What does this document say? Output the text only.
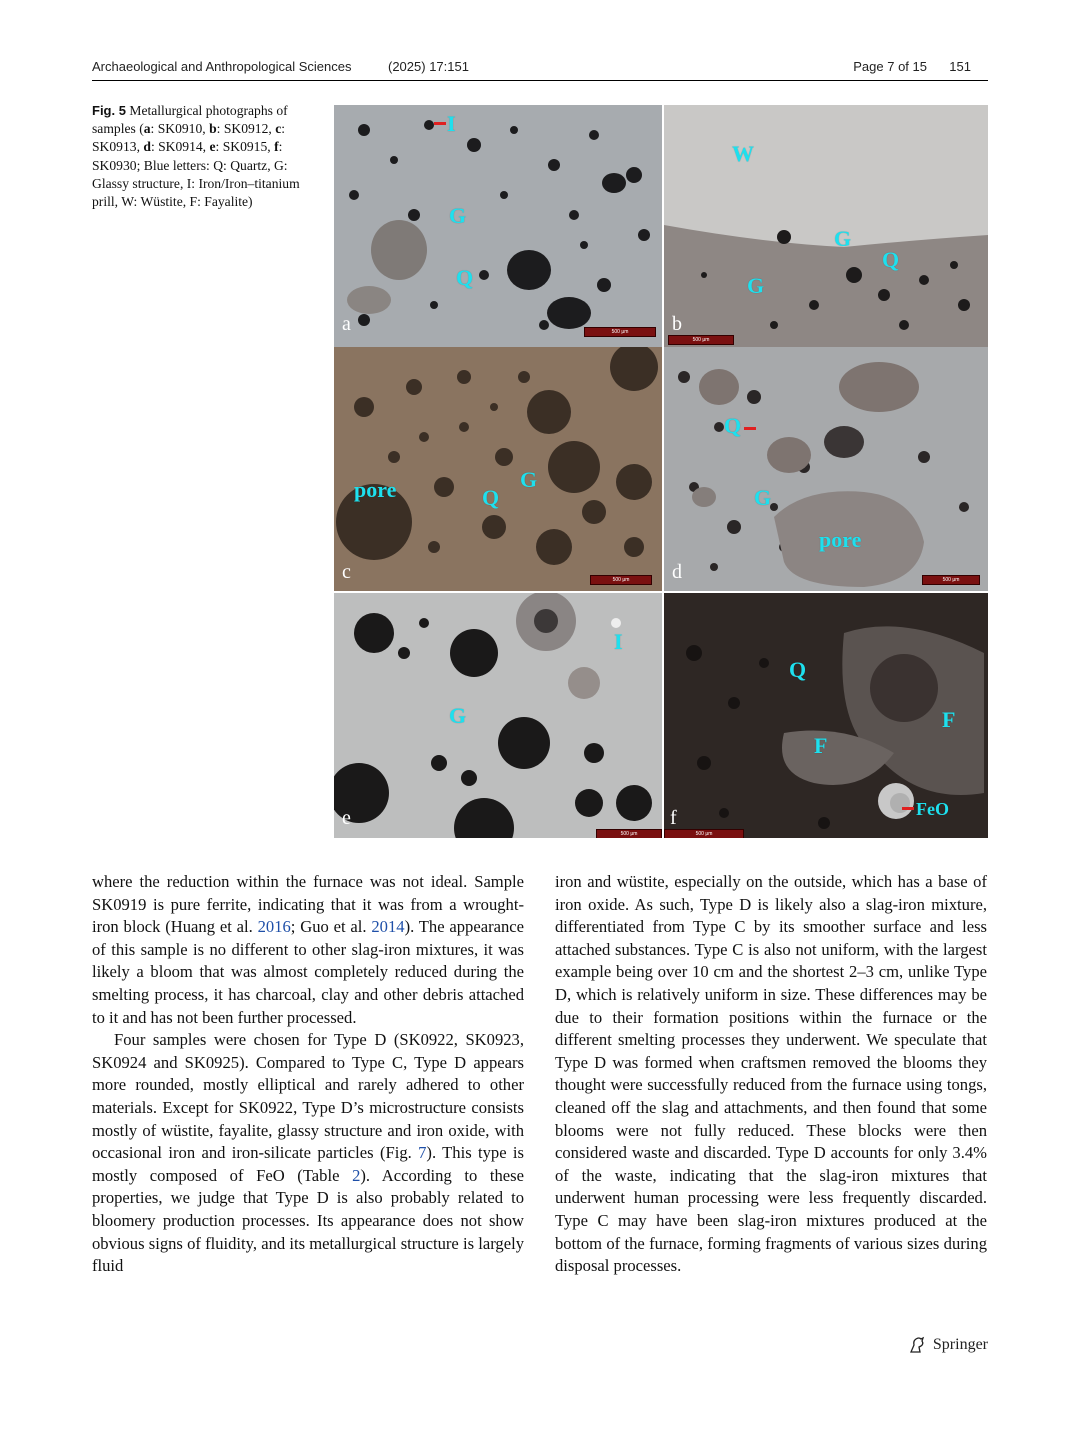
Archaeological and Anthropological Sciences	(2025) 17:151	Page 7 of 15 151
Fig. 5 Metallurgical photographs of samples (a: SK0910, b: SK0912, c: SK0913, d: SK0914, e: SK0915, f: SK0930; Blue letters: Q: Quartz, G: Glassy structure, I: Iron/Iron–titanium prill, W: Wüstite, F: Fayalite)
I
G
Q
a	500 μm
W
G
Q
G
b
500 μm
pore	Q
G
c	500 μm
Q
G
pore
d	500 μm
I
G
e
500 μm
Q
F
F
FeO
f
500 μm

where the reduction within the furnace was not ideal. Sample SK0919 is pure ferrite, indicating that it was from a wrought-iron block (Huang et al. 2016; Guo et al. 2014). The appearance of this sample is no different to other slag-iron mixtures, it was likely a bloom that was almost completely reduced during the smelting process, it has charcoal, clay and other debris attached to it and has not been further processed.

Four samples were chosen for Type D (SK0922, SK0923, SK0924 and SK0925). Compared to Type C, Type D appears more rounded, mostly elliptical and rarely adhered to other materials. Except for SK0922, Type D’s microstructure consists mostly of wüstite, fayalite, glassy structure and iron oxide, with occasional iron and iron-silicate particles (Fig. 7). This type is mostly composed of FeO (Table 2). According to these properties, we judge that Type D is also probably related to bloomery production processes. Its appearance does not show obvious signs of fluidity, and its metallurgical structure is largely fluid

iron and wüstite, especially on the outside, which has a base of iron oxide. As such, Type D is likely also a slag-iron mixture, differentiated from Type C by its smoother surface and less attached substances. Type C is also not uniform, with the largest example being over 10 cm and the shortest 2–3 cm, unlike Type D, which is relatively uniform in size. These differences may be due to their formation positions within the furnace or the different smelting processes they underwent. We speculate that Type D was formed when craftsmen removed the blooms they thought were successfully reduced from the furnace using tongs, cleaned off the slag and attachments, and then found that some blooms were not fully reduced. These blocks were then considered waste and discarded. Type D accounts for only 3.4% of the waste, indicating that the slag-iron mixtures that underwent human processing were less frequently discarded. Type C may have been slag-iron mixtures produced at the bottom of the furnace, forming fragments of various sizes during disposal processes.

Springer
